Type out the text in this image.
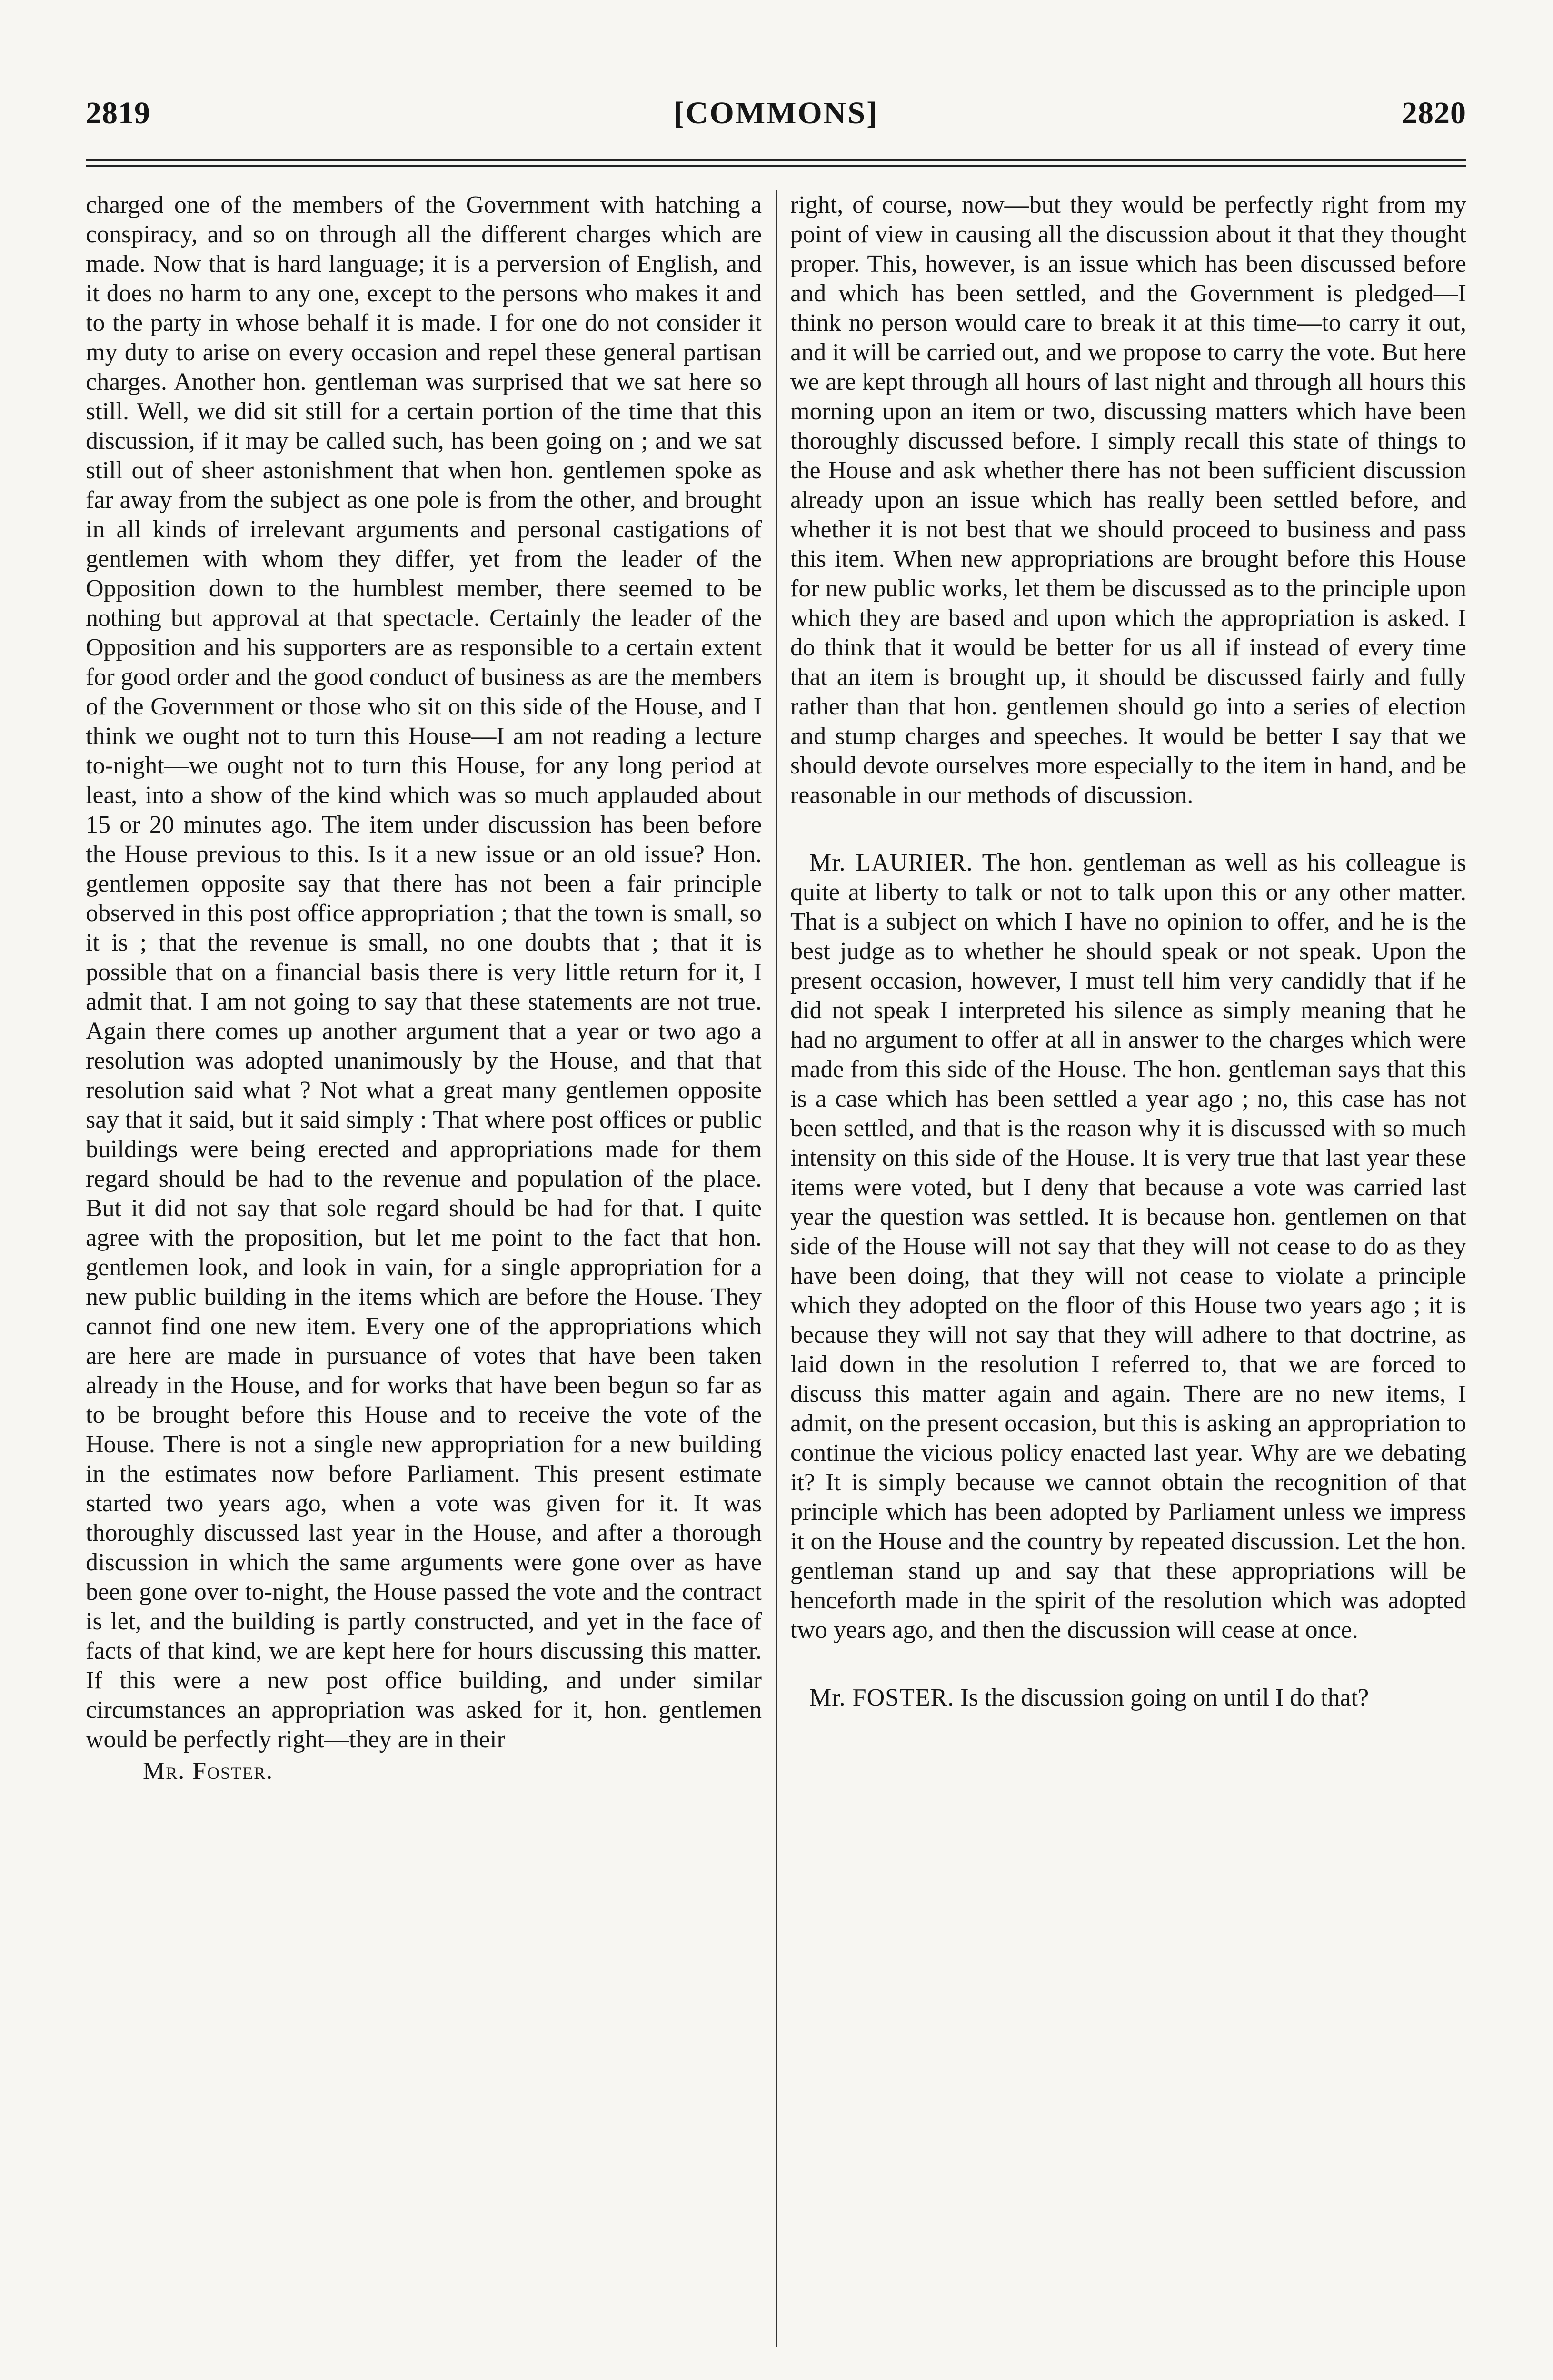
2819	[COMMONS]	2820

charged one of the members of the Government with hatching a conspiracy, and so on through all the different charges which are made. Now that is hard language; it is a perversion of English, and it does no harm to any one, except to the persons who makes it and to the party in whose behalf it is made. I for one do not consider it my duty to arise on every occasion and repel these general partisan charges. Another hon. gentleman was surprised that we sat here so still. Well, we did sit still for a certain portion of the time that this discussion, if it may be called such, has been going on ; and we sat still out of sheer astonishment that when hon. gentlemen spoke as far away from the subject as one pole is from the other, and brought in all kinds of irrelevant arguments and personal castigations of gentlemen with whom they differ, yet from the leader of the Opposition down to the humblest member, there seemed to be nothing but approval at that spectacle. Certainly the leader of the Opposition and his supporters are as responsible to a certain extent for good order and the good conduct of business as are the members of the Government or those who sit on this side of the House, and I think we ought not to turn this House—I am not reading a lecture to-night—we ought not to turn this House, for any long period at least, into a show of the kind which was so much applauded about 15 or 20 minutes ago. The item under discussion has been before the House previous to this. Is it a new issue or an old issue? Hon. gentlemen opposite say that there has not been a fair principle observed in this post office appropriation ; that the town is small, so it is ; that the revenue is small, no one doubts that ; that it is possible that on a financial basis there is very little return for it, I admit that. I am not going to say that these statements are not true. Again there comes up another argument that a year or two ago a resolution was adopted unanimously by the House, and that that resolution said what ? Not what a great many gentlemen opposite say that it said, but it said simply : That where post offices or public buildings were being erected and appropriations made for them regard should be had to the revenue and population of the place. But it did not say that sole regard should be had for that. I quite agree with the proposition, but let me point to the fact that hon. gentlemen look, and look in vain, for a single appropriation for a new public building in the items which are before the House. They cannot find one new item. Every one of the appropriations which are here are made in pursuance of votes that have been taken already in the House, and for works that have been begun so far as to be brought before this House and to receive the vote of the House. There is not a single new appropriation for a new building in the estimates now before Parliament. This present estimate started two years ago, when a vote was given for it. It was thoroughly discussed last year in the House, and after a thorough discussion in which the same arguments were gone over as have been gone over to-night, the House passed the vote and the contract is let, and the building is partly constructed, and yet in the face of facts of that kind, we are kept here for hours discussing this matter. If this were a new post office building, and under similar circumstances an appropriation was asked for it, hon. gentlemen would be perfectly right—they are in their

Mr. Foster.

right, of course, now—but they would be perfectly right from my point of view in causing all the discussion about it that they thought proper. This, however, is an issue which has been discussed before and which has been settled, and the Government is pledged—I think no person would care to break it at this time—to carry it out, and it will be carried out, and we propose to carry the vote. But here we are kept through all hours of last night and through all hours this morning upon an item or two, discussing matters which have been thoroughly discussed before. I simply recall this state of things to the House and ask whether there has not been sufficient discussion already upon an issue which has really been settled before, and whether it is not best that we should proceed to business and pass this item. When new appropriations are brought before this House for new public works, let them be discussed as to the principle upon which they are based and upon which the appropriation is asked. I do think that it would be better for us all if instead of every time that an item is brought up, it should be discussed fairly and fully rather than that hon. gentlemen should go into a series of election and stump charges and speeches. It would be better I say that we should devote ourselves more especially to the item in hand, and be reasonable in our methods of discussion.

Mr. LAURIER. The hon. gentleman as well as his colleague is quite at liberty to talk or not to talk upon this or any other matter. That is a subject on which I have no opinion to offer, and he is the best judge as to whether he should speak or not speak. Upon the present occasion, however, I must tell him very candidly that if he did not speak I interpreted his silence as simply meaning that he had no argument to offer at all in answer to the charges which were made from this side of the House. The hon. gentleman says that this is a case which has been settled a year ago ; no, this case has not been settled, and that is the reason why it is discussed with so much intensity on this side of the House. It is very true that last year these items were voted, but I deny that because a vote was carried last year the question was settled. It is because hon. gentlemen on that side of the House will not say that they will not cease to do as they have been doing, that they will not cease to violate a principle which they adopted on the floor of this House two years ago ; it is because they will not say that they will adhere to that doctrine, as laid down in the resolution I referred to, that we are forced to discuss this matter again and again. There are no new items, I admit, on the present occasion, but this is asking an appropriation to continue the vicious policy enacted last year. Why are we debating it? It is simply because we cannot obtain the recognition of that principle which has been adopted by Parliament unless we impress it on the House and the country by repeated discussion. Let the hon. gentleman stand up and say that these appropriations will be henceforth made in the spirit of the resolution which was adopted two years ago, and then the discussion will cease at once.

Mr. FOSTER. Is the discussion going on until I do that?
